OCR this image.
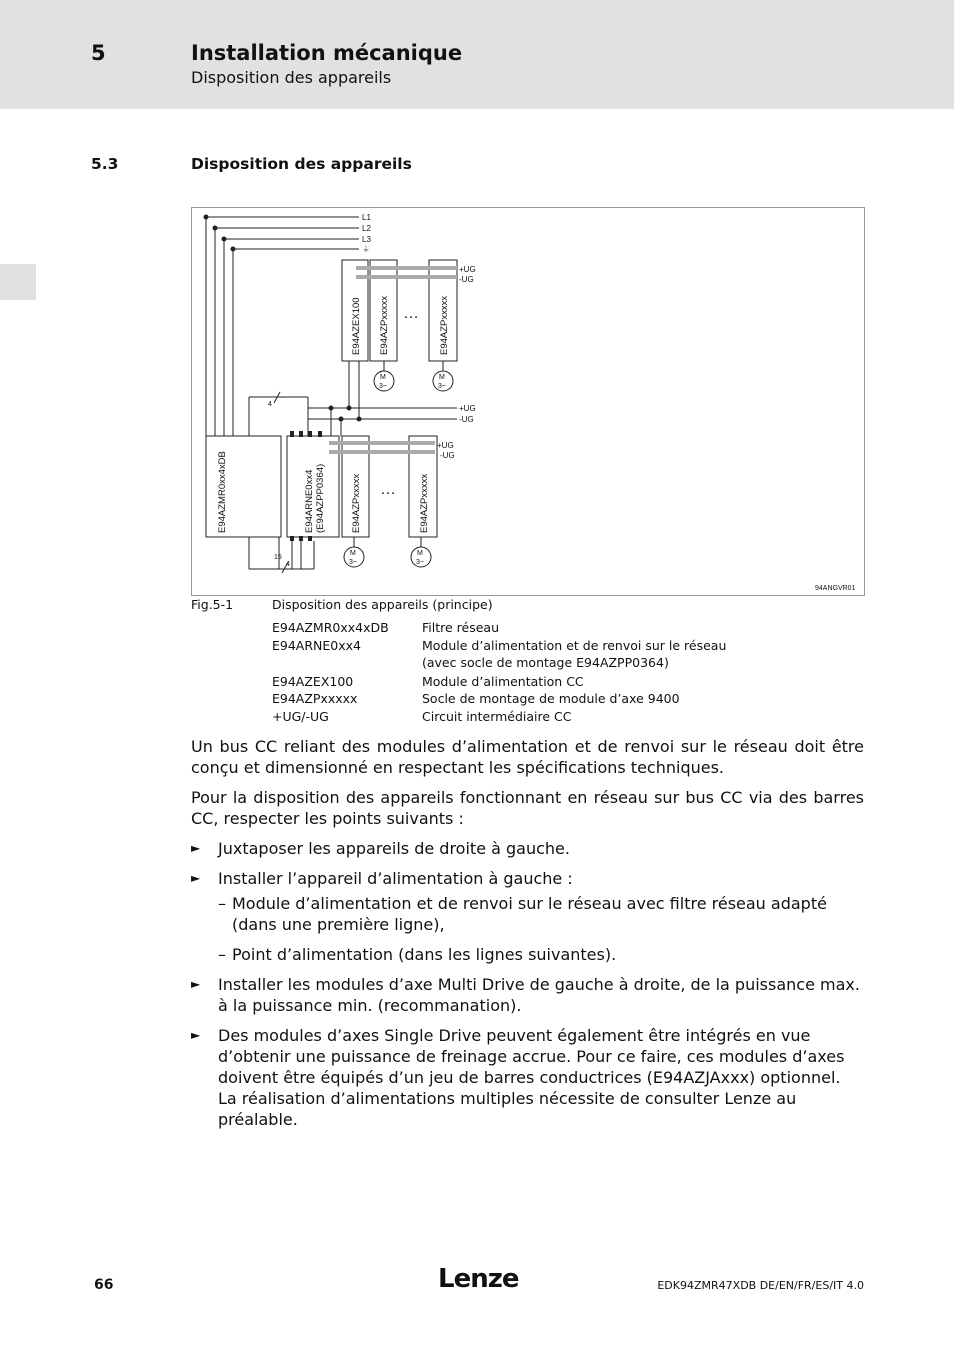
5	Installation mécanique
Disposition des appareils
5.3	Disposition des appareils
L1
L2
L3
⏚
+UG
-UG
…
E94AZEX100 E94AZPxxxxx	E94AZPxxxxx
M
3~
M
3~
+UG
-UG
4
+UG
-UG
…
E94AZMR0xx4xDB	E94ARNE0xx4 (E94AZPP0364)	E94AZPxxxxx	E94AZPxxxxx
15
4
M
3~
M
3~
94ANGVR01
Fig.5-1	Disposition des appareils (principe)
E94AZMR0xx4xDB	Filtre réseau
E94ARNE0xx4	Module d’alimentation et de renvoi sur le réseau
(avec socle de montage E94AZPP0364)
E94AZEX100	Module d’alimentation CC
E94AZPxxxxx	Socle de montage de module d’axe 9400
+UG/-UG	Circuit intermédiaire CC

Un bus CC reliant des modules d’alimentation et de renvoi sur le réseau doit être conçu et dimensionné en respectant les spécifications techniques.

Pour la disposition des appareils fonctionnant en réseau sur bus CC via des barres CC, respecter les points suivants :

► Juxtaposer les appareils de droite à gauche.
► Installer l’appareil d’alimentation à gauche :
– Module d’alimentation et de renvoi sur le réseau avec filtre réseau adapté (dans une première ligne),
– Point d’alimentation (dans les lignes suivantes).
► Installer les modules d’axe Multi Drive de gauche à droite, de la puissance max. à la puissance min. (recommanation).
► Des modules d’axes Single Drive peuvent également être intégrés en vue d’obtenir une puissance de freinage accrue. Pour ce faire, ces modules d’axes doivent être équipés d’un jeu de barres conductrices (E94AZJAxxx) optionnel. La réalisation d’alimentations multiples nécessite de consulter Lenze au préalable.
66	Lenze	EDK94ZMR47XDB DE/EN/FR/ES/IT 4.0
